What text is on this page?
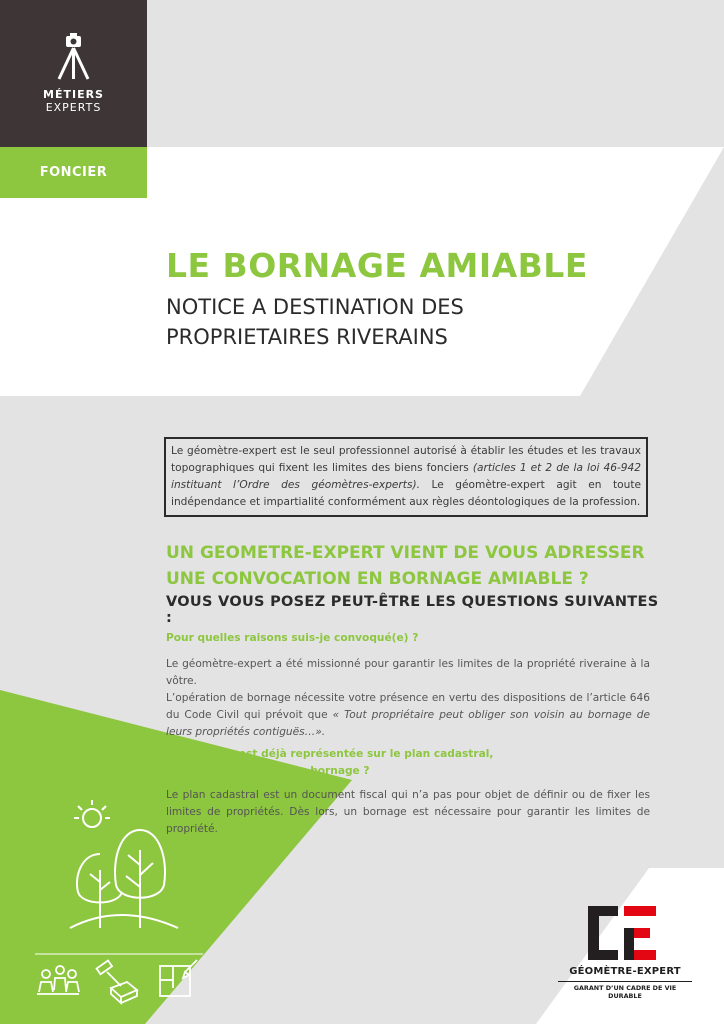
MÉTIERS
EXPERTS
FONCIER
LE BORNAGE AMIABLE
NOTICE A DESTINATION DES PROPRIETAIRES RIVERAINS
Le géomètre-expert est le seul professionnel autorisé à établir les études et les travaux topographiques qui fixent les limites des biens fonciers (articles 1 et 2 de la loi 46-942 instituant l’Ordre des géomètres-experts). Le géomètre-expert agit en toute indépendance et impartialité conformément aux règles déontologiques de la profession.
UN GEOMETRE-EXPERT VIENT DE VOUS ADRESSER UNE CONVOCATION EN BORNAGE AMIABLE ?
VOUS VOUS POSEZ PEUT-ÊTRE LES QUESTIONS SUIVANTES :
Pour quelles raisons suis-je convoqué(e) ?
Le géomètre-expert a été missionné pour garantir les limites de la propriété riveraine à la vôtre.
L’opération de bornage nécessite votre présence en vertu des dispositions de l’article 646 du Code Civil qui prévoit que « Tout propriétaire peut obliger son voisin au bornage de leurs propriétés contiguës…».
Ma parcelle est déjà représentée sur le plan cadastral, pourquoi procéder à un bornage ?
Le plan cadastral est un document fiscal qui n’a pas pour objet de définir ou de fixer les limites de propriétés. Dès lors, un bornage est nécessaire pour garantir les limites de propriété.
GÉOMÈTRE-EXPERT
GARANT D’UN CADRE DE VIE DURABLE
